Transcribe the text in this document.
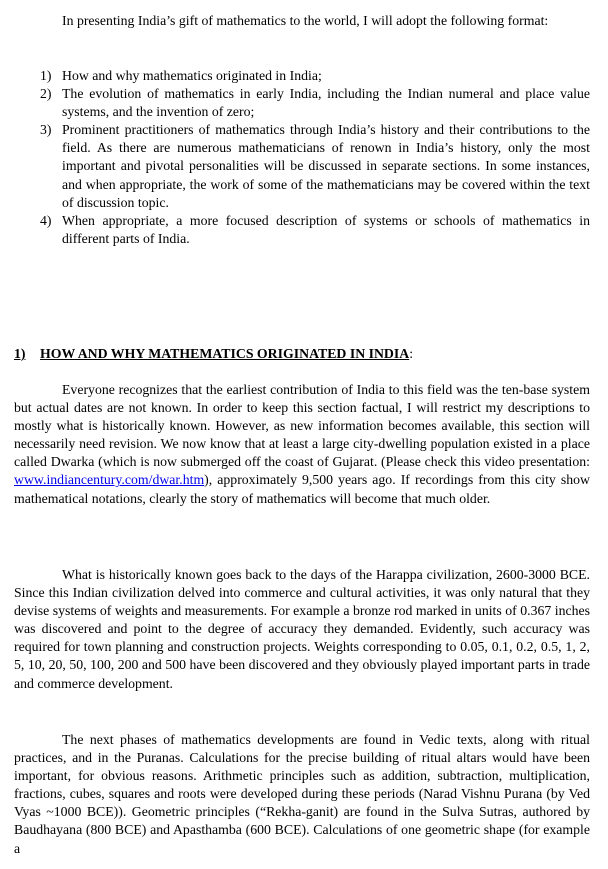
In presenting India’s gift of mathematics to the world, I will adopt the following format:
1) How and why mathematics originated in India;
2) The evolution of mathematics in early India, including the Indian numeral and place value systems, and the invention of zero;
3) Prominent practitioners of mathematics through India’s history and their contributions to the field. As there are numerous mathematicians of renown in India’s history, only the most important and pivotal personalities will be discussed in separate sections. In some instances, and when appropriate, the work of some of the mathematicians may be covered within the text of discussion topic.
4) When appropriate, a more focused description of systems or schools of mathematics in different parts of India.
1) HOW AND WHY MATHEMATICS ORIGINATED IN INDIA:
Everyone recognizes that the earliest contribution of India to this field was the ten-base system but actual dates are not known. In order to keep this section factual, I will restrict my descriptions to mostly what is historically known. However, as new information becomes available, this section will necessarily need revision. We now know that at least a large city-dwelling population existed in a place called Dwarka (which is now submerged off the coast of Gujarat. (Please check this video presentation: www.indiancentury.com/dwar.htm), approximately 9,500 years ago. If recordings from this city show mathematical notations, clearly the story of mathematics will become that much older.
What is historically known goes back to the days of the Harappa civilization, 2600-3000 BCE. Since this Indian civilization delved into commerce and cultural activities, it was only natural that they devise systems of weights and measurements. For example a bronze rod marked in units of 0.367 inches was discovered and point to the degree of accuracy they demanded. Evidently, such accuracy was required for town planning and construction projects. Weights corresponding to 0.05, 0.1, 0.2, 0.5, 1, 2, 5, 10, 20, 50, 100, 200 and 500 have been discovered and they obviously played important parts in trade and commerce development.
The next phases of mathematics developments are found in Vedic texts, along with ritual practices, and in the Puranas. Calculations for the precise building of ritual altars would have been important, for obvious reasons. Arithmetic principles such as addition, subtraction, multiplication, fractions, cubes, squares and roots were developed during these periods (Narad Vishnu Purana (by Ved Vyas ~1000 BCE)). Geometric principles (“Rekha-ganit) are found in the Sulva Sutras, authored by Baudhayana (800 BCE) and Apasthamba (600 BCE). Calculations of one geometric shape (for example a
